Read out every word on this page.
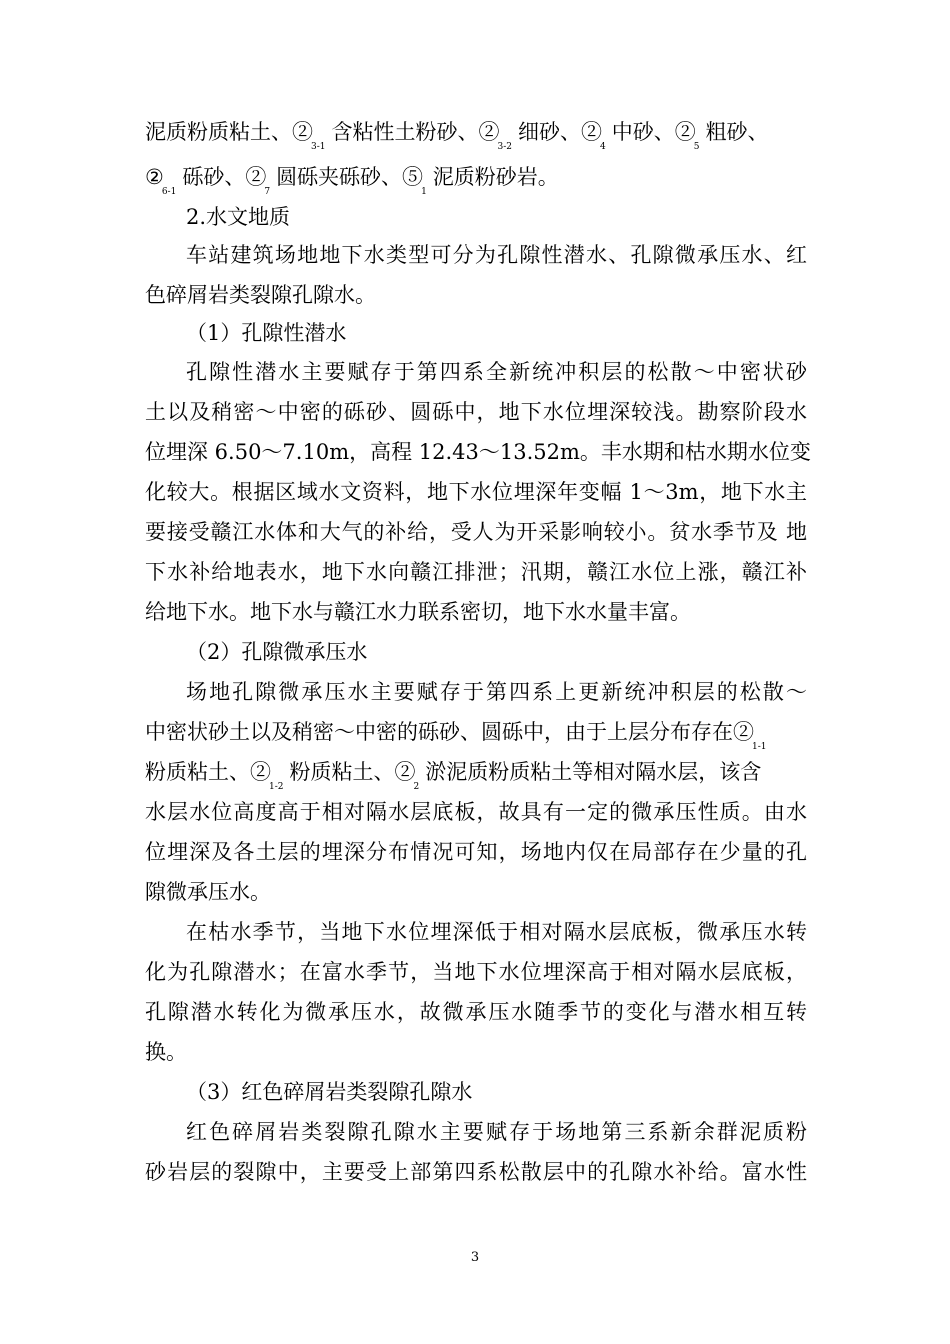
泥质粉质粘土、$②_{3-1}$含粘性土粉砂、$②_{3-2}$细砂、$②_4$中砂、$②_5$粗砂、
$②_{6-1}$砾砂、$②_7$圆砾夹砾砂、$⑤_1$泥质粉砂岩。
2.水文地质
车站建筑场地地下水类型可分为孔隙性潜水、孔隙微承压水、红
色碎屑岩类裂隙孔隙水。
（1）孔隙性潜水
孔隙性潜水主要赋存于第四系全新统冲积层的松散～中密状砂
土以及稍密～中密的砾砂、圆砾中，地下水位埋深较浅。勘察阶段水
位埋深 6.50～7.10m，高程 12.43～13.52m。丰水期和枯水期水位变
化较大。根据区域水文资料，地下水位埋深年变幅 1～3m，地下水主
要接受赣江水体和大气的补给，受人为开采影响较小。贫水季节及 地
下水补给地表水，地下水向赣江排泄；汛期，赣江水位上涨，赣江补
给地下水。地下水与赣江水力联系密切，地下水水量丰富。
（2）孔隙微承压水
场地孔隙微承压水主要赋存于第四系上更新统冲积层的松散～
中密状砂土以及稍密～中密的砾砂、圆砾中，由于上层分布存在$②_{1-1}$
粉质粘土、$②_{1-2}$粉质粘土、$②_2$淤泥质粉质粘土等相对隔水层，该含
水层水位高度高于相对隔水层底板，故具有一定的微承压性质。由水
位埋深及各土层的埋深分布情况可知，场地内仅在局部存在少量的孔
隙微承压水。
在枯水季节，当地下水位埋深低于相对隔水层底板，微承压水转
化为孔隙潜水；在富水季节，当地下水位埋深高于相对隔水层底板，
孔隙潜水转化为微承压水，故微承压水随季节的变化与潜水相互转
换。
（3）红色碎屑岩类裂隙孔隙水
红色碎屑岩类裂隙孔隙水主要赋存于场地第三系新余群泥质粉
砂岩层的裂隙中，主要受上部第四系松散层中的孔隙水补给。富水性
3
